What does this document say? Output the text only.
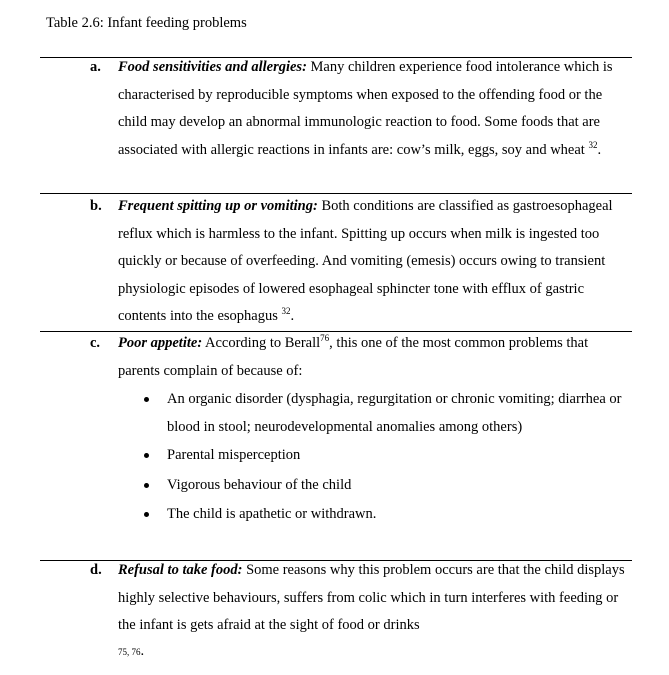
Table 2.6: Infant feeding problems
a. Food sensitivities and allergies: Many children experience food intolerance which is characterised by reproducible symptoms when exposed to the offending food or the child may develop an abnormal immunologic reaction to food. Some foods that are associated with allergic reactions in infants are: cow’s milk, eggs, soy and wheat $^{32}$.
b. Frequent spitting up or vomiting: Both conditions are classified as gastroesophageal reflux which is harmless to the infant. Spitting up occurs when milk is ingested too quickly or because of overfeeding. And vomiting (emesis) occurs owing to transient physiologic episodes of lowered esophageal sphincter tone with efflux of gastric contents into the esophagus $^{32}$.
c. Poor appetite: According to Berall$^{76}$, this one of the most common problems that parents complain of because of:
An organic disorder (dysphagia, regurgitation or chronic vomiting; diarrhea or blood in stool; neurodevelopmental anomalies among others)
Parental misperception
Vigorous behaviour of the child
The child is apathetic or withdrawn.
d. Refusal to take food: Some reasons why this problem occurs are that the child displays highly selective behaviours, suffers from colic which in turn interferes with feeding or the infant is gets afraid at the sight of food or drinks
75, 76.
